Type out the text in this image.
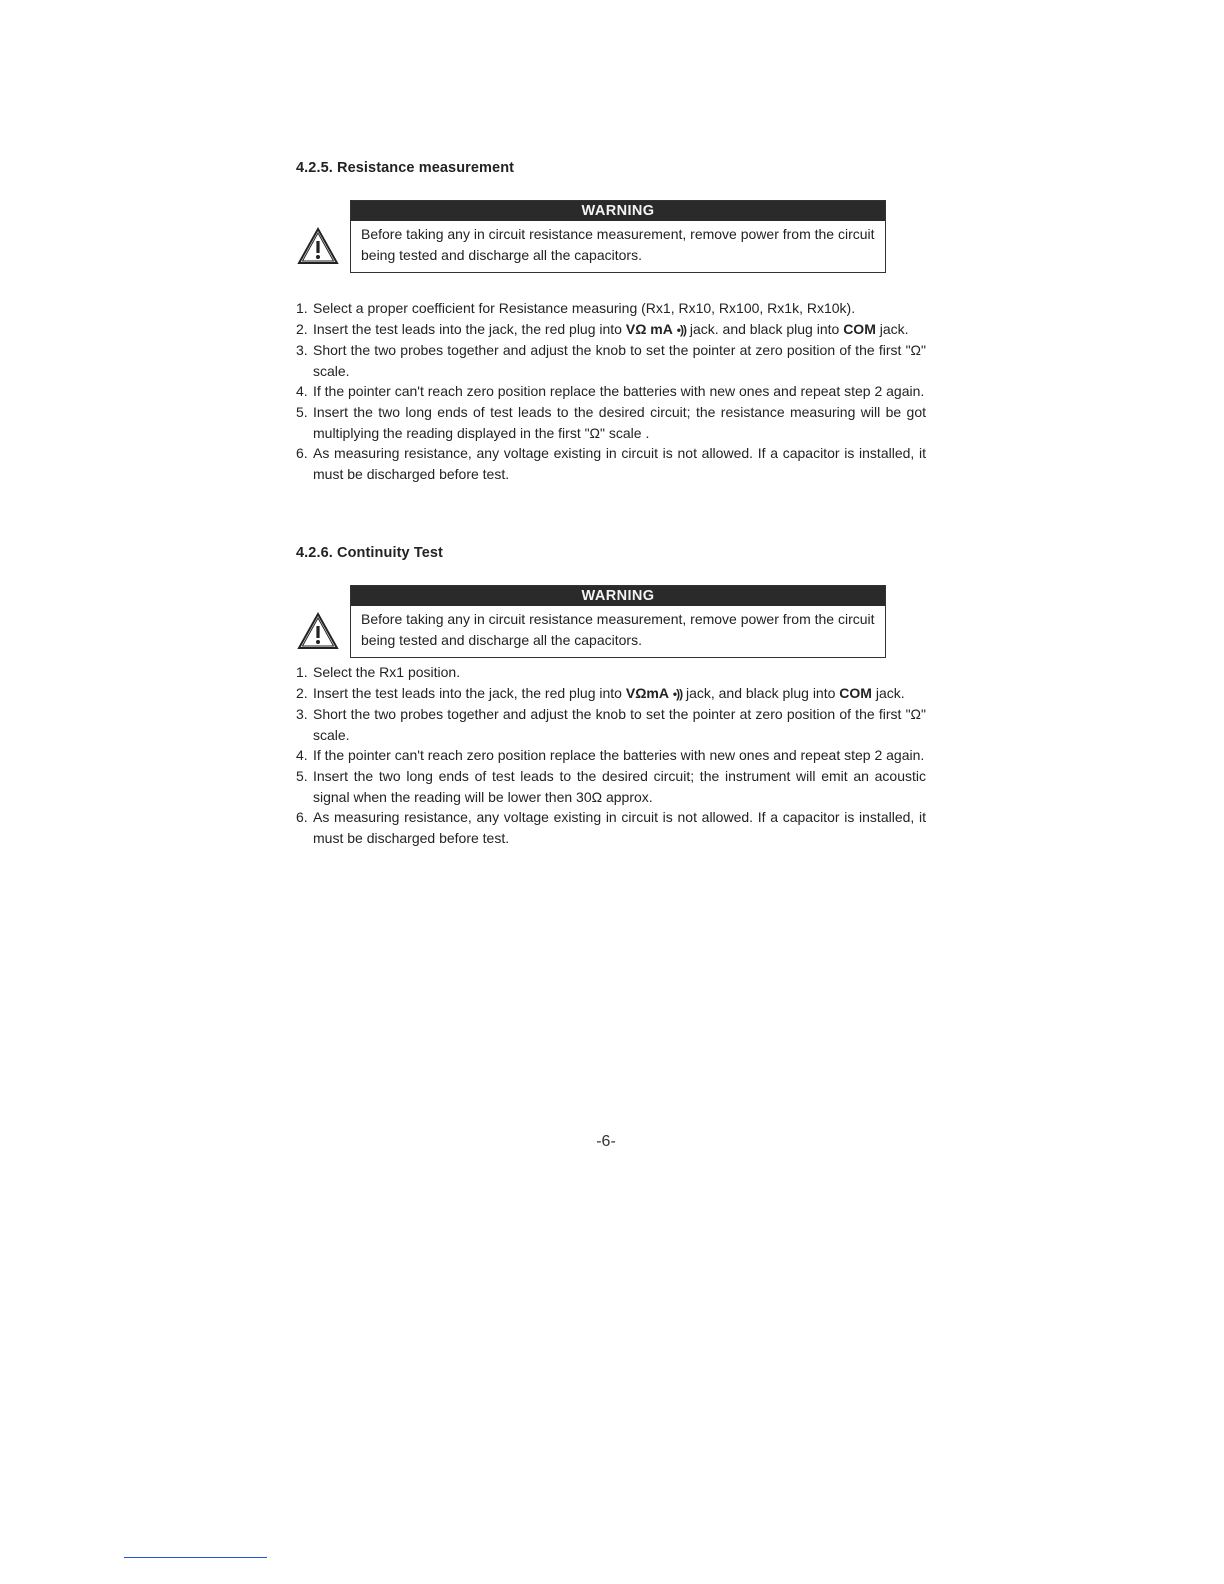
4.2.5. Resistance measurement
WARNING
Before taking any in circuit resistance measurement, remove power from the circuit being tested and discharge all the capacitors.
1. Select a proper coefficient for Resistance measuring (Rx1, Rx10, Rx100, Rx1k, Rx10k).
2. Insert the test leads into the jack, the red plug into VΩ mA •)) jack. and black plug into COM jack.
3. Short the two probes together and adjust the knob to set the pointer at zero position of the first "Ω" scale.
4. If the pointer can't reach zero position replace the batteries with new ones and repeat step 2 again.
5. Insert the two long ends of test leads to the desired circuit; the resistance measuring will be got multiplying the reading displayed in the first "Ω" scale .
6. As measuring resistance, any voltage existing in circuit is not allowed. If a capacitor is installed, it must be discharged before test.
4.2.6. Continuity Test
WARNING
Before taking any in circuit resistance measurement, remove power from the circuit being tested and discharge all the capacitors.
1. Select the Rx1 position.
2. Insert the test leads into the jack, the red plug into VΩmA •)) jack, and black plug into COM jack.
3. Short the two probes together and adjust the knob to set the pointer at zero position of the first "Ω" scale.
4. If the pointer can't reach zero position replace the batteries with new ones and repeat step 2 again.
5. Insert the two long ends of test leads to the desired circuit; the instrument will emit an acoustic signal when the reading will be lower then 30Ω approx.
6. As measuring resistance, any voltage existing in circuit is not allowed. If a capacitor is installed, it must be discharged before test.
-6-
